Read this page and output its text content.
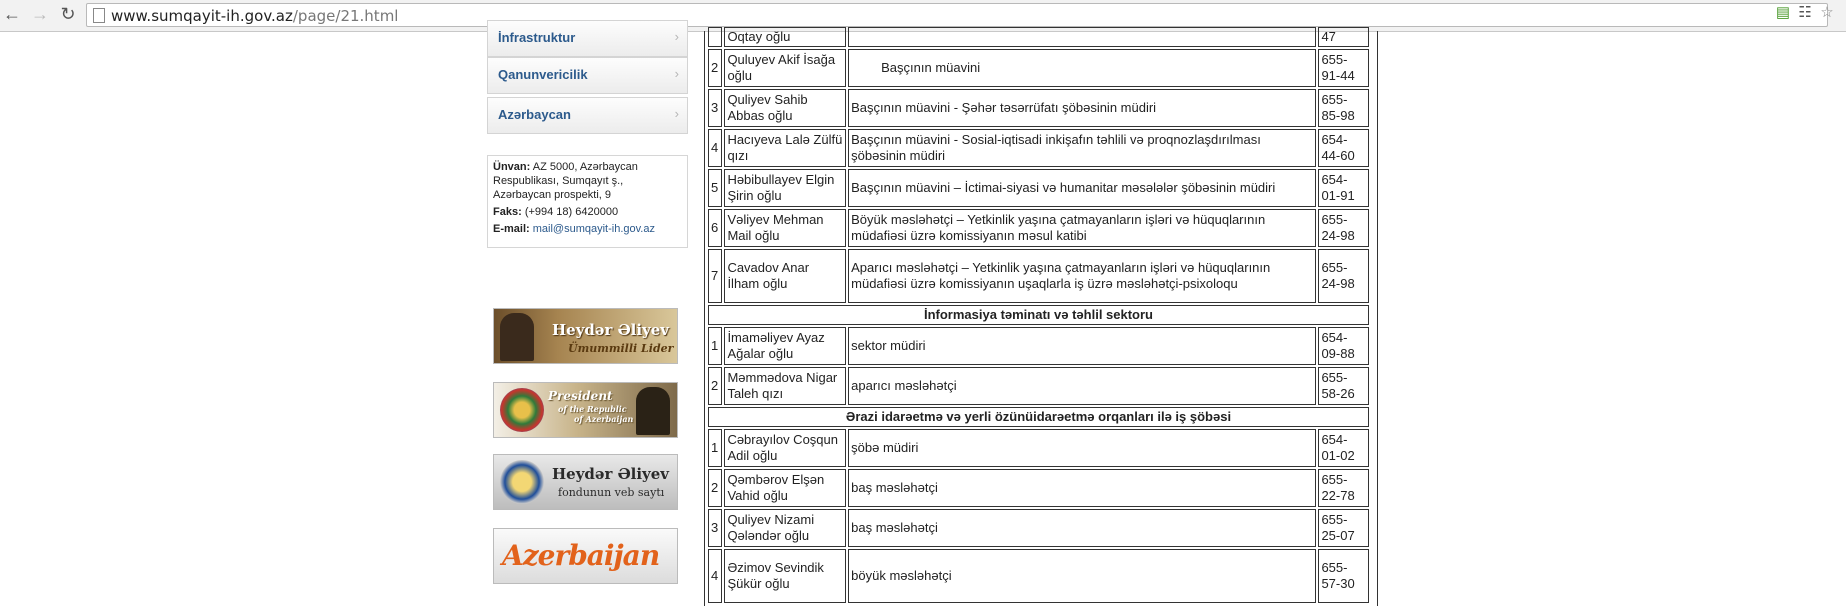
← → ↻ www.sumqayit-ih.gov.az/page/21.html	▤ ☷ ☆
İnfrastruktur	›
Qanunvericilik	›
Azərbaycan	›
Ünvan: AZ 5000, Azərbaycan Respublikası, Sumqayıt ş., Azərbaycan prospekti, 9
Faks: (+994 18) 6420000
E-mail: mail@sumqayit-ih.gov.az
Heydər Əliyev
Ümummilli Lider
President
of the Republic
of Azerbaijan
Heydər Əliyev
fondunun veb saytı
Azerbaijan
	Oqtay oğlu		47
2	Quluyev Akif İsağa oğlu	Başçının müavini	655-91-44
3	Quliyev Sahib Abbas oğlu	Başçının müavini - Şəhər təsərrüfatı şöbəsinin müdiri	655-85-98
4	Hacıyeva Lalə Zülfü qızı	Başçının müavini - Sosial-iqtisadi inkişafın təhlili və proqnozlaşdırılması şöbəsinin müdiri	654-44-60
5	Həbibullayev Elgin Şirin oğlu	Başçının müavini – İctimai-siyasi və humanitar məsələlər şöbəsinin müdiri	654-01-91
6	Vəliyev Mehman Mail oğlu	Böyük məsləhətçi – Yetkinlik yaşına çatmayanların işləri və hüquqlarının müdafiəsi üzrə komissiyanın məsul katibi	655-24-98
7	Cavadov Anar İlham oğlu	Aparıcı məsləhətçi – Yetkinlik yaşına çatmayanların işləri və hüquqlarının müdafiəsi üzrə komissiyanın uşaqlarla iş üzrə məsləhətçi-psixoloqu	655-24-98
İnformasiya təminatı və təhlil sektoru			
1	İmaməliyev Ayaz Ağalar oğlu	sektor müdiri	654-09-88
2	Məmmədova Nigar Taleh qızı	aparıcı məsləhətçi	655-58-26
Ərazi idarəetmə və yerli özünüidarəetmə orqanları ilə iş şöbəsi			
1	Cəbrayılov Coşqun Adil oğlu	şöbə müdiri	654-01-02
2	Qəmbərov Elşən Vahid oğlu	baş məsləhətçi	655-22-78
3	Quliyev Nizami Qələndər oğlu	baş məsləhətçi	655-25-07
4	Əzimov Sevindik Şükür oğlu	böyük məsləhətçi	655-57-30
